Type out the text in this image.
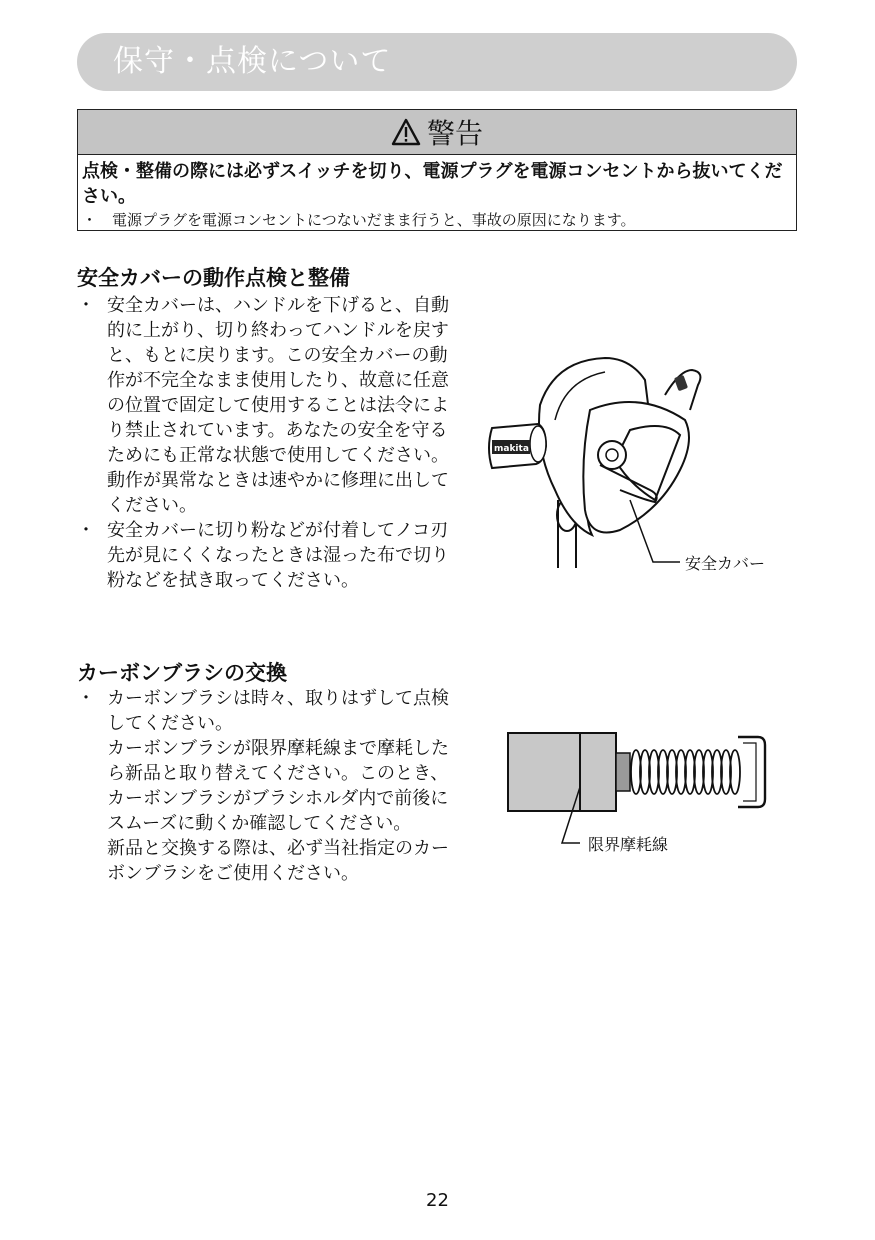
保守・点検について
警告
点検・整備の際には必ずスイッチを切り、電源プラグを電源コンセントから抜いてください。
・ 電源プラグを電源コンセントにつないだまま行うと、事故の原因になります。
安全カバーの動作点検と整備
・ 安全カバーは、ハンドルを下げると、自動的に上がり、切り終わってハンドルを戻すと、もとに戻ります。この安全カバーの動作が不完全なまま使用したり、故意に任意の位置で固定して使用することは法令により禁止されています。あなたの安全を守るためにも正常な状態で使用してください。動作が異常なときは速やかに修理に出してください。
・ 安全カバーに切り粉などが付着してノコ刃先が見にくくなったときは湿った布で切り粉などを拭き取ってください。
makita
安全カバー
カーボンブラシの交換
・ カーボンブラシは時々、取りはずして点検してください。

カーボンブラシが限界摩耗線まで摩耗したら新品と取り替えてください。このとき、カーボンブラシがブラシホルダ内で前後にスムーズに動くか確認してください。

新品と交換する際は、必ず当社指定のカーボンブラシをご使用ください。

限界摩耗線
22
